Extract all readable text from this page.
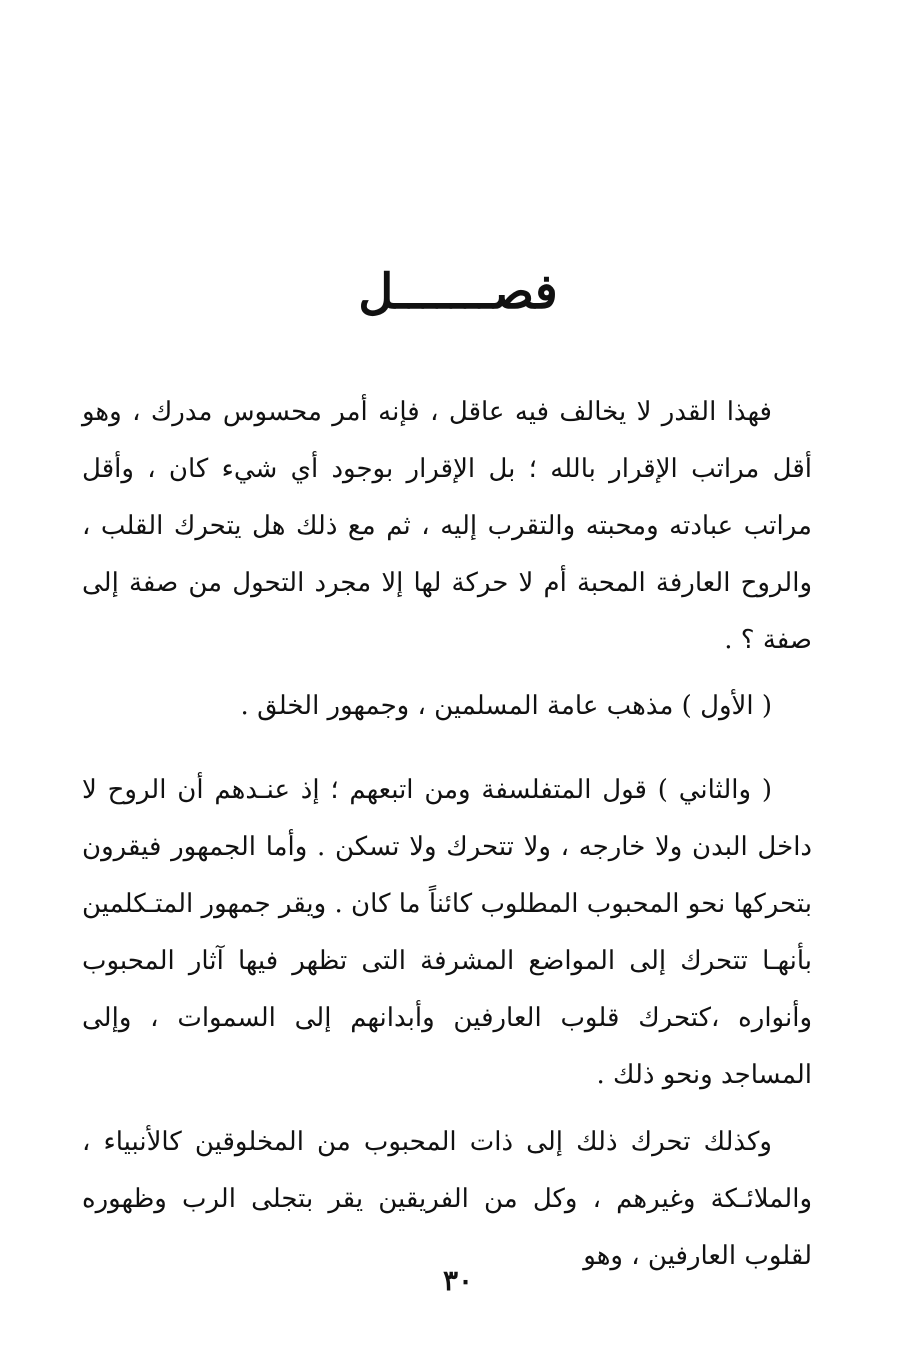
فصـــــــل

فهذا القدر لا يخالف فيه عاقل ، فإنه أمر محسوس مدرك ، وهو أقل مراتب الإقرار بالله ؛ بل الإقرار بوجود أي شيء كان ، وأقل مراتب عبادته ومحبته والتقرب إليه ، ثم مع ذلك هل يتحرك القلب ، والروح العارفة المحبة أم لا حركة لها إلا مجرد التحول من صفة إلى صفة ؟ .

( الأول ) مذهب عامة المسلمين ، وجمهور الخلق .

( والثاني ) قول المتفلسفة ومن اتبعهم ؛ إذ عنـدهم أن الروح لا داخل البدن ولا خارجه ، ولا تتحرك ولا تسكن . وأما الجمهور فيقرون بتحركها نحو المحبوب المطلوب كائناً ما كان . ويقر جمهور المتـكلمين بأنهـا تتحرك إلى المواضع المشرفة التى تظهر فيها آثار المحبوب وأنواره ،كتحرك قلوب العارفين وأبدانهم إلى السموات ، وإلى المساجد ونحو ذلك .

وكذلك تحرك ذلك إلى ذات المحبوب من المخلوقين كالأنبياء ، والملائـكة وغيرهم ، وكل من الفريقين يقر بتجلى الرب وظهوره لقلوب العارفين ، وهو

٣٠
